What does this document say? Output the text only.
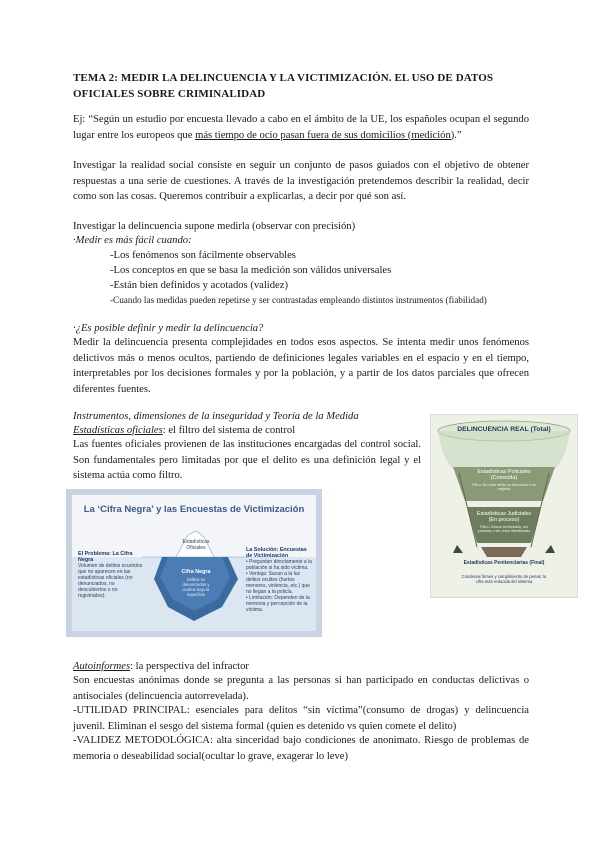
TEMA 2: MEDIR LA DELINCUENCIA Y LA VICTIMIZACIÓN. EL USO DE DATOS OFICIALES SOBRE CRIMINALIDAD
Ej: “Según un estudio por encuesta llevado a cabo en el ámbito de la UE, los españoles ocupan el segundo lugar entre los europeos que más tiempo de ocio pasan fuera de sus domicilios (medición).”
Investigar la realidad social consiste en seguir un conjunto de pasos guiados con el objetivo de obtener respuestas a una serie de cuestiones. A través de la investigación pretendemos describir la realidad, decir como son las cosas. Queremos contribuir a explicarlas, a decir por qué son así.
Investigar la delincuencia supone medirla (observar con precisión)
·Medir es más fácil cuando:
-Los fenómenos son fácilmente observables
-Los conceptos en que se basa la medición son válidos universales
-Están bien definidos y acotados (validez)
-Cuando las medidas pueden repetirse y ser contrastadas empleando distintos instrumentos (fiabilidad)
·¿Es posible definir y medir la delincuencia?
Medir la delincuencia presenta complejidades en todos esos aspectos. Se intenta medir unos fenómenos delictivos más o menos ocultos, partiendo de definiciones legales variables en el espacio y en el tiempo, interpretables por los decisiones formales y por la población, y a partir de los datos parciales que ofrecen diferentes fuentes.
Instrumentos, dimensiones de la inseguridad y Teoría de la Medida
Estadísticas oficiales: el filtro del sistema de control
Las fuentes oficiales provienen de las instituciones encargadas del control social. Son fundamentales pero limitadas por que el delito es una definición legal y el sistema actúa como filtro.
La ‘Cifra Negra’ y las Encuestas de Victimización
Estadísticas Oficiales
Cifra Negra
Delitos no denunciados y ocultos bajo la superficie
El Problema: La Cifra Negra
Volumen de delitos ocurridos que no aparecen en las estadísticas oficiales (no denunciados, no descubiertos o no registrados).
La Solución: Encuestas de Victimización
• Preguntan directamente a la población si ha sido víctima.
• Ventaja: Sacan a la luz delitos ocultos (hurtos menores, violencia, etc.) que no llegan a la policía.
• Limitación: Dependen de la memoria y percepción de la víctima.
DELINCUENCIA REAL (Total)
Estadísticas Policiales (Conocida)
Filtro: No todo delito se denuncia o se registra
Estadísticas Judiciales (En proceso)
Filtro: Casos archivados, sin pruebas o sin autor identificado
Estadísticas Penitenciarias (Final)
Condenas firmes y cumplimiento de penas: la cifra más reducida del sistema
Autoinformes: la perspectiva del infractor
Son encuestas anónimas donde se pregunta a las personas si han participado en conductas delictivas o antisociales (delincuencia autorrevelada).
-UTILIDAD PRINCIPAL: esenciales para delitos “sin víctima”(consumo de drogas) y delincuencia juvenil. Eliminan el sesgo del sistema formal (quien es detenido vs quien comete el delito)
-VALIDEZ METODOLÓGICA: alta sinceridad bajo condiciones de anonimato. Riesgo de problemas de memoria o deseabilidad social(ocultar lo grave, exagerar lo leve)
